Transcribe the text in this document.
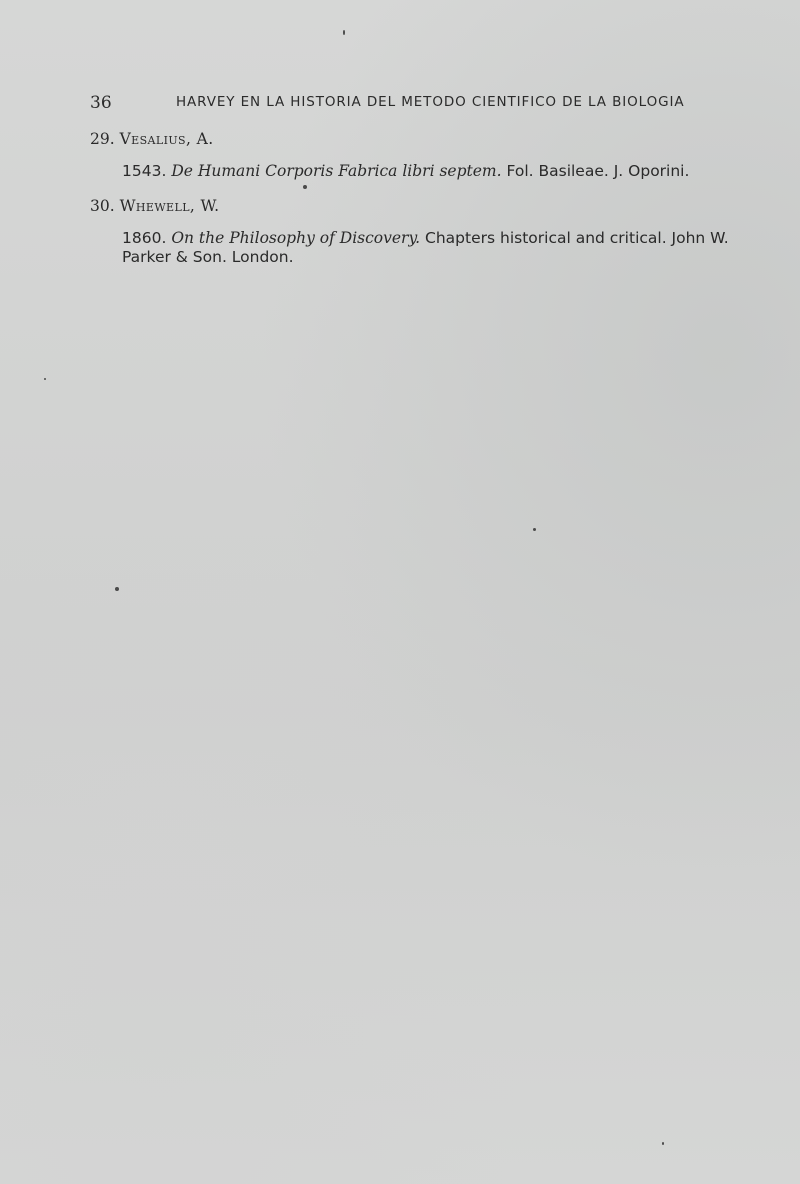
36	HARVEY EN LA HISTORIA DEL METODO CIENTIFICO DE LA BIOLOGIA
29. Vesalius, A.
1543. De Humani Corporis Fabrica libri septem. Fol. Basileae. J. Oporini.
30. Whewell, W.
1860. On the Philosophy of Discovery. Chapters historical and critical. John W. Parker & Son. London.
